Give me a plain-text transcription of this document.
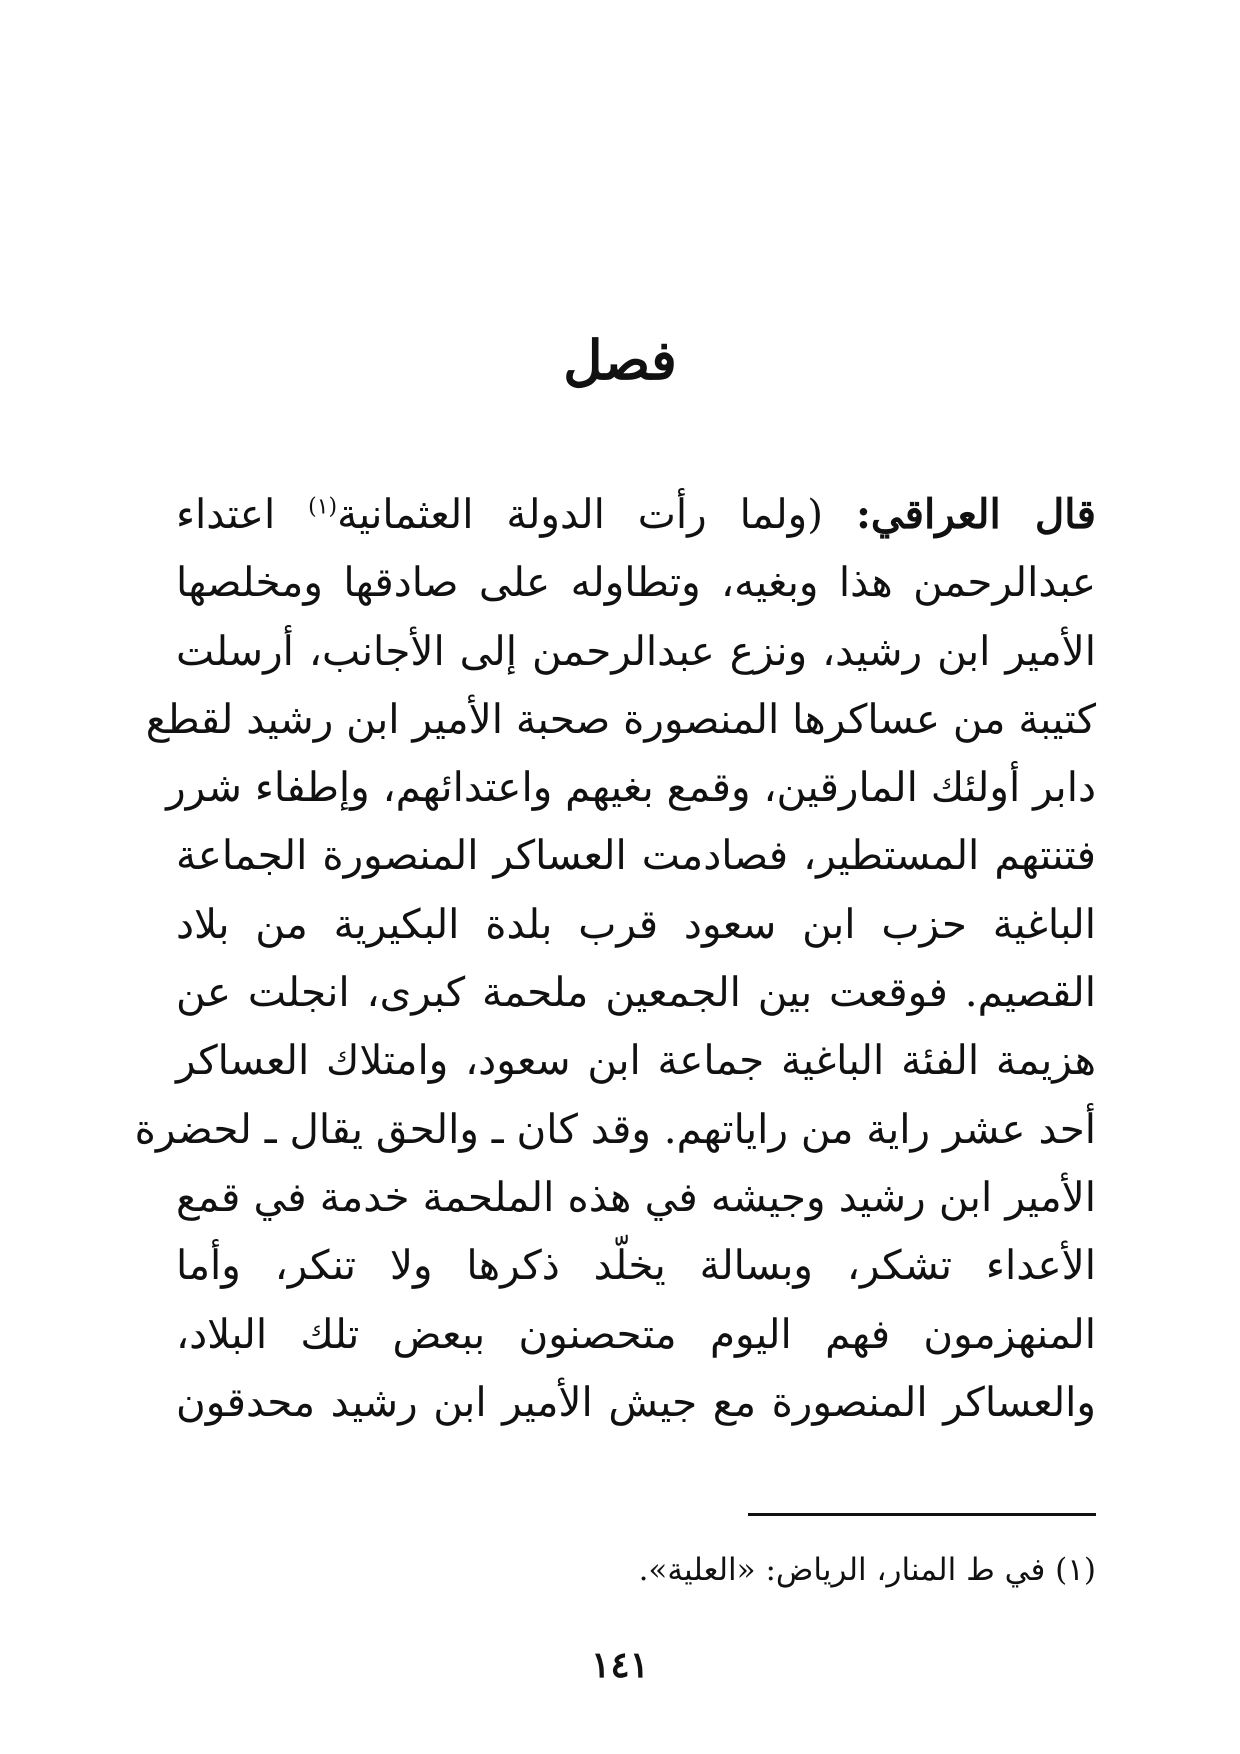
فصل
قال العراقي: (ولما رأت الدولة العثمانية$^{(١)}$ اعتداء
عبدالرحمن هذا وبغيه، وتطاوله على صادقها ومخلصها
الأمير ابن رشيد، ونزع عبدالرحمن إلى الأجانب، أرسلت
كتيبة من عساكرها المنصورة صحبة الأمير ابن رشيد لقطع
دابر أولئك المارقين، وقمع بغيهم واعتدائهم، وإطفاء شرر
فتنتهم المستطير، فصادمت العساكر المنصورة الجماعة
الباغية حزب ابن سعود قرب بلدة البكيرية من بلاد
القصيم. فوقعت بين الجمعين ملحمة كبرى، انجلت عن
هزيمة الفئة الباغية جماعة ابن سعود، وامتلاك العساكر
أحد عشر راية من راياتهم. وقد كان ـ والحق يقال ـ لحضرة
الأمير ابن رشيد وجيشه في هذه الملحمة خدمة في قمع
الأعداء تشكر، وبسالة يخلّد ذكرها ولا تنكر، وأما
المنهزمون فهم اليوم متحصنون ببعض تلك البلاد،
والعساكر المنصورة مع جيش الأمير ابن رشيد محدقون
(١) في ط المنار، الرياض: «العلية».
١٤١
